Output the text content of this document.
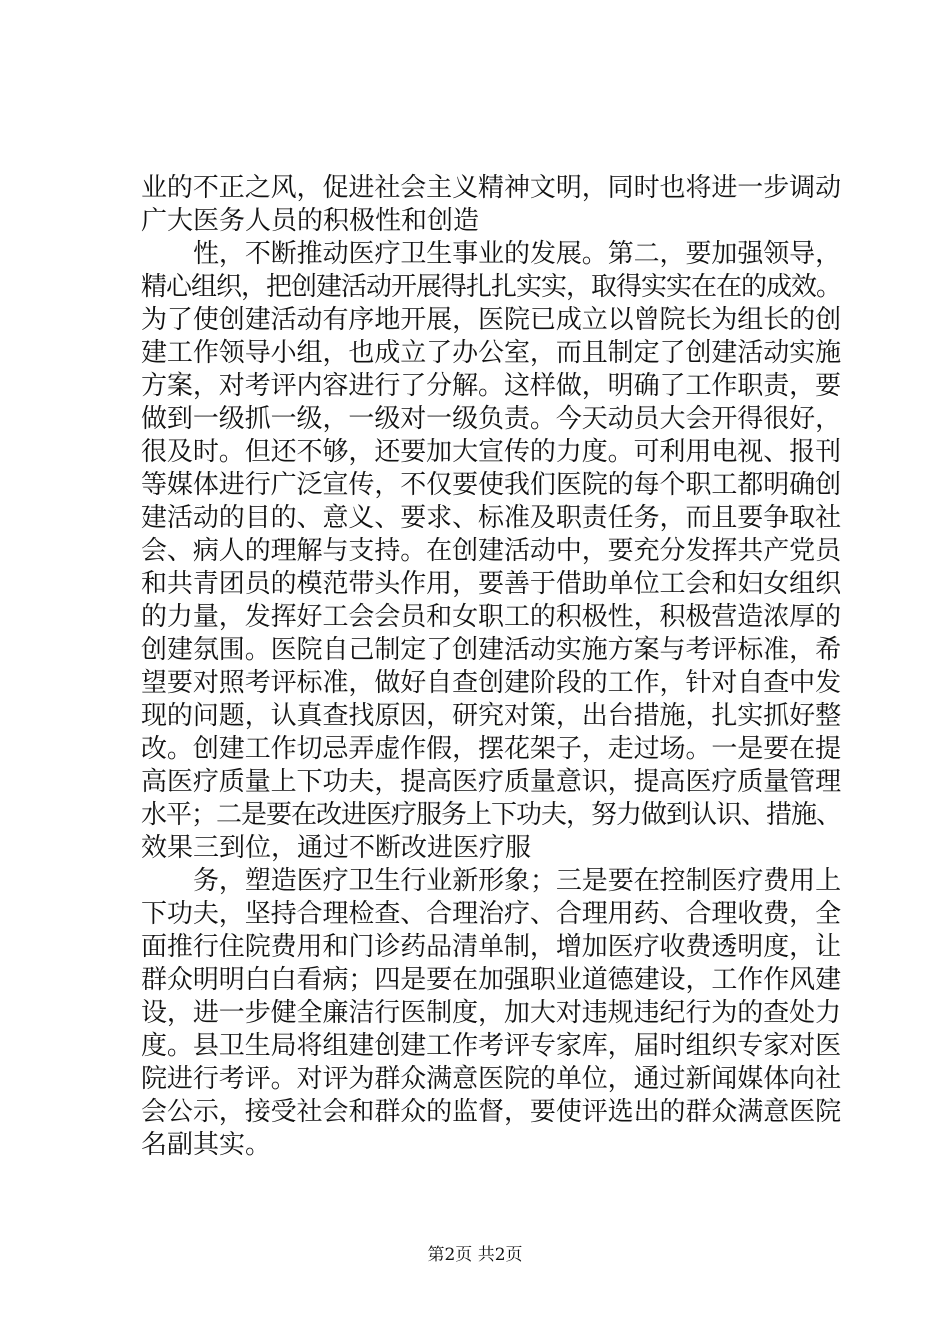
业的不正之风，促进社会主义精神文明，同时也将进一步调动
广大医务人员的积极性和创造
性，不断推动医疗卫生事业的发展。第二，要加强领导，
精心组织，把创建活动开展得扎扎实实，取得实实在在的成效。
为了使创建活动有序地开展，医院已成立以曾院长为组长的创
建工作领导小组，也成立了办公室，而且制定了创建活动实施
方案，对考评内容进行了分解。这样做，明确了工作职责，要
做到一级抓一级，一级对一级负责。今天动员大会开得很好，
很及时。但还不够，还要加大宣传的力度。可利用电视、报刊
等媒体进行广泛宣传，不仅要使我们医院的每个职工都明确创
建活动的目的、意义、要求、标准及职责任务，而且要争取社
会、病人的理解与支持。在创建活动中，要充分发挥共产党员
和共青团员的模范带头作用，要善于借助单位工会和妇女组织
的力量，发挥好工会会员和女职工的积极性，积极营造浓厚的
创建氛围。医院自己制定了创建活动实施方案与考评标准，希
望要对照考评标准，做好自查创建阶段的工作，针对自查中发
现的问题，认真查找原因，研究对策，出台措施，扎实抓好整
改。创建工作切忌弄虚作假，摆花架子，走过场。一是要在提
高医疗质量上下功夫，提高医疗质量意识，提高医疗质量管理
水平；二是要在改进医疗服务上下功夫，努力做到认识、措施、
效果三到位，通过不断改进医疗服
务，塑造医疗卫生行业新形象；三是要在控制医疗费用上
下功夫，坚持合理检查、合理治疗、合理用药、合理收费，全
面推行住院费用和门诊药品清单制，增加医疗收费透明度，让
群众明明白白看病；四是要在加强职业道德建设，工作作风建
设，进一步健全廉洁行医制度，加大对违规违纪行为的查处力
度。县卫生局将组建创建工作考评专家库，届时组织专家对医
院进行考评。对评为群众满意医院的单位，通过新闻媒体向社
会公示，接受社会和群众的监督，要使评选出的群众满意医院
名副其实。
第2页 共2页
